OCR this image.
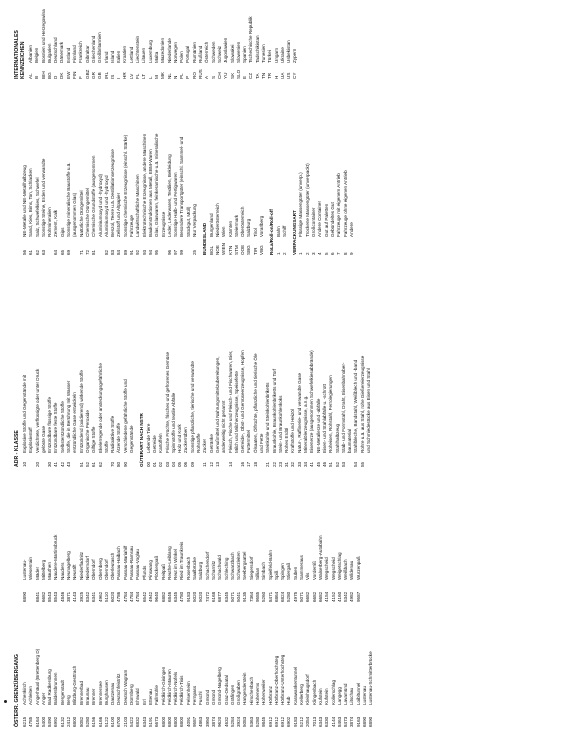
ÖSTERR. GRENZÜBERGANG 6215
Achenkirch
6890
Lustenau-
4785
Achleiten
Wiesenrain
6164
Angerhäusl (Brettenberg D)
6841
Mäder
5400
Anger
6682
Mittelberg
8490
Bad Radkersburg
8543
Mauthen
6992
Baldersbrunnen
8543
Naudere-Martinsbruck
6132
Bergenstadt
4846
Nauders
2412
Berg
3871
Neunagelberg
6800
Blitzburg-Gesttrach
4143
Neustift
8082
Brennerbad
3925
Niederfladnitz
5280
Braunau
8342
Niederndorf
6156
Brenner
6341
Oberndorf
6166
Brennersee
4962
Obernberg
5122
Burghausen
5110
Oberndorf
6100
Dautzenau
6020
Oberleutasch
6700
Deutschfeistritz
4786
Passau-Haibach
2103
Deutsch Wagram
4784
Passau-Mariahilf
5422
Dürrnberg
4784
Passau-Ramsau
6832
Ehrwald
4784
Passau-Voglau
6343
Erl
6542
Pfunds
5191
Ettenau
4942
Pinswang
6673
Fallmühle
9640
Plöckenpaß
6800
Feldkirch-Gisingen
6882
Reitpaß
6800
Feldkirch-Mauren
6846
Reuthe-Leiblang
6800
Feldkirch-Nofels
6345
Reut im Winkel
6800
Feldkirch-Tisis
4780
Ried im Traunkreis
4091
Felsenheim
9183
Rosenbach
9587
Fernpass
5020
Saalbrücke
4863
Fuschl
5020
Salzburg
3950
Gmünd
7472
Schachendorf
3874
Gmünd
6168
Scharnitz
9620
Gmünd-Nagelberg
6877
Schachwald
4632
Graz-Oedsatal
6345
Schleching
5284
Gräfingen
5071
Schwarzbach
3924
Großgraben
5041
Schwarzleiten
5083
Hangenderstein
9135
Seebergsattel
5363
Hirschenbach
7364
Siegersdorf
5280
Hohenems
9585
Sillian
9845
Hohenweiler
5260
Simbach
6912
Hörbranz
8471
Spielfeld-Bahn
6912
Hörbranz-Oberhochsteg
6864
Spiß
6912
Hörbranz-Unterhochsteg
6824
Spingen
6902
Hub
5280
Stiergaß
9183
Karawankentunnel
4975
Suben
5212
Kellerberg
5071
Sammeraus
2054
Kleinhaugsdorf
6682
Vils
7013
Klingenbach
6682
Vorderriß
6343
Kufstein
6682
Walserberg-Autobahn
6330
Kufstein
4154
Wegscheid
4144
Kollerschlag
4152
Wegscheid
8463
Langegg
4160
Weigetschlag
8473
Lavamünd
5342
Weißbach
3874
Litschau
4982
Wildenau
9163
Loibltunnel
9587
Wurzenpaß
6890
Lustenau
6890
Lustenau-Schmitterbrücke
ADR - KLASSE 10
Explosive Stoffe und Gegenstände mit Explosivstoff
20
Verdichtete, verflüssigte oder unter Druck gelöste Gase
30
Entzündbare flüssige Stoffe
41
Entzündbare feste Stoffe
42
Selbstentzündliche Stoffe
43
Stoffe, die in Berührung mit Wasser entzündliche Gase entwickeln
51
Entzündend (oxidierend) wirkende Stoffe
52
Organische Peroxide
61
Giftige Stoffe
62
Ekelerregende oder ansteckungsgefährliche Stoffe
70
Radioaktive Stoffe
80
Ätzende Stoffe
90
Verschiedene gefährliche Stoffe und Gegenstände GÜTERART NACH NSTR 00
Lebende Tiere
01
Getreide
02
Kartoffeln
03
Frische Früchte, frisches und gefrorenes Gemüse
04
Spinnstoffe und textile Abfälle
05
Holz und Kork
06
Zuckerrüben
09
Sonstige pflanzliche, tierische und verwandte Rohstoffe
11
Zucker
12
Getränke
13
Genußmittel und Nahrungsmittelzubereitungen, anderweitig nicht genannt
14
Fleisch, Fische und Fleisch- und Fischwaren, Eier, Milch und Milcherzeugnisse, Speisefette
16
Getreide-, Obst- und Gemüseerzeugnisse, Hopfen
17
Futtermittel
18
Ölsaaten, Ölfrüchte, pflanzliche und tierische Öle und Fette
21
Steinkohle und Steinkohlenbriketts
22
Braunkohle, Braunkohlenbriketts und Torf
23
Stein- und Braunkohlenkoks
31
Rohes Erdöl
32
Kraftstoffe und Heizöl
33
Natur-, Raffinerie- und verwandte Gase
34
Mineralölerzeugnisse, a.n.g.
41
Eisenerze (ausgenommen Schwefelkiesabbrände)
45
NE-Metallerze und -abfälle
46
Eisen- und Stahlabfälle u. -schrott
51
Roheisen, Rohstahl, Ferrolegierungen
52
Stahlhalbzeug
53
Stab- und Formstahl, Draht, Eisenbahnober- baumaterial
54
Stahlbleche, Bandstahl, Weißblech und -band
55
Rohre u.ä. aus Stahl, rohe Gießereierzeugnisse und Schmiedestücke aus Eisen und Stahl
56
NE-Metalle und NE-Metallhalbzeug
61
Sand, Kies, Bims, Ton, Schlacken
62
Salz, Schwefelkies, Schwefel
63
Sonstige Steine, Erden und verwandte Rohmineralien
64
Zement, Kalk
65
Gips
69
Sonstige mineralische Baustoffe u.ä. (ausgenommen Glas)
71
Natürliche Düngemittel
72
Chemische Düngemittel
81
Chemische Grundstoffe (ausgenommen Aluminiumoxyd und -hydroxyd)
82
Aluminiumoxyd und -hydroxyd
83
Benzol, Teere u.ä. Destillationserzeugnisse
84
Zellstoff und Altpapier
89
Sonstige chemische Erzeugnisse (einschl. Stärke)
91
Fahrzeuge
92
Landwirtschaftliche Maschinen
93
Elektrotechnische Erzeugnisse, andere Maschinen
94
Baukonstruktionen aus Metall, EBM-Waren
95
Glas, Glaswaren, feinkeramische u.ä. mineralische Erzeugnisse
96
Leder, Lederwaren, Textilien, Bekleidung
97
Sonstige Halb- und Fertigwaren
99
Besondere Transportgüter (einschl. Sammel- und Stückgut, Müll)
25
Nur Verpackung
BUNDESLAND BGL
Burgenland
NOE
Niederösterreich
WIEN
Wien
KTN
Kärnten
STM
Steiermark
OOE
Oberösterreich
SBG
Salzburg
TIR
Tirol
VBG
Vorarlberg RoLa/Roll-on/Roll-off 1
Bahn
2
Schiff VERPACKUNGSART 1
Flüssige Massengüter (unverp.)
2
Trockene Massengüter (unverpackt)
3
Großcontainer
4
Andere Container
5
Gut auf Paletten
6
Gebündeltes Gut
7
Fahrzeuge mit eigenem Antrieb
8
Fahrzeuge ohne eigenen Antrieb
9
Andere
INTERNATIONALES KENNZEICHEN AL
Albanien
B
Belgien
BIH
Bosnien und Herzegowina
BG
Bulgarien
D
Deutschland
DK
Dänemark
EW
Estland
FIN
Finnland
F
Frankreich
GBZ
Gibraltar
GR
Griechenland
GB
Großbritannien
IRL
Irland
IS
Island
I
Italien
HR
Kroatien
LV
Lettland
FL
Liechtenstein
LT
Litauen
L
Luxemburg
M
Malta
MK
Mazedonien
NL
Niederlande
N
Norwegen
PL
Polen
P
Portugal
RO
Rumänien
RUS
Rußland
A
Österreich
S
Schweden
CH
Schweiz
YU
Jugoslawien
SK
Slowakei
SLO
Slowenien
E
Spanien
CZ
Tschechische Republik
TA
Tadschikistan
TN
Tunesien
TR
Türkei
H
Ungarn
UA
Ukraine
US
Usbekistan
CY
Zypern
